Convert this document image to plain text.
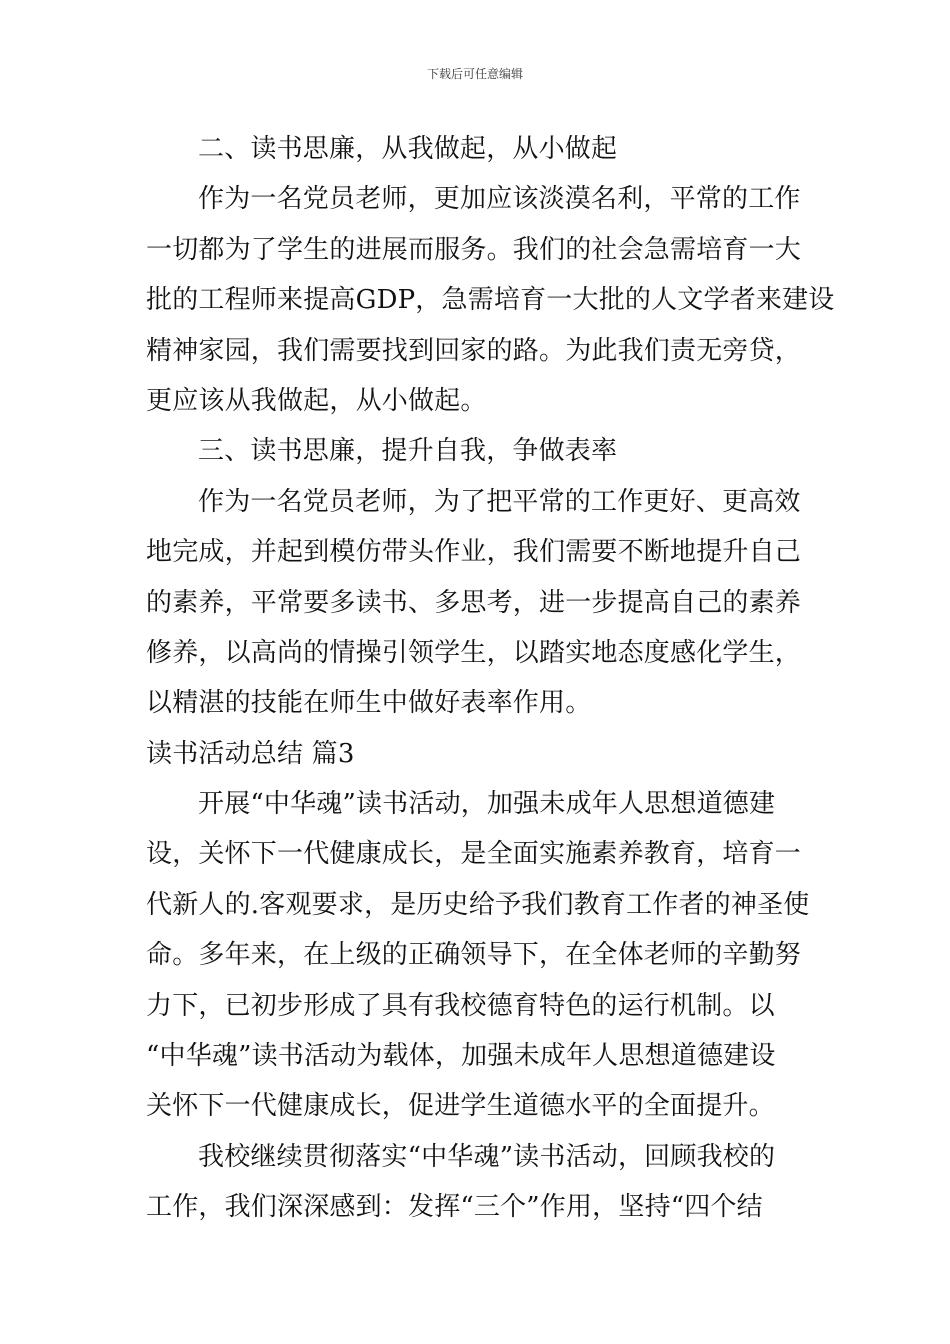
下载后可任意编辑
二、读书思廉，从我做起，从小做起
作为一名党员老师，更加应该淡漠名利，平常的工作
一切都为了学生的进展而服务。我们的社会急需培育一大
批的工程师来提高GDP，急需培育一大批的人文学者来建设
精神家园，我们需要找到回家的路。为此我们责无旁贷，
更应该从我做起，从小做起。
三、读书思廉，提升自我，争做表率
作为一名党员老师，为了把平常的工作更好、更高效
地完成，并起到模仿带头作业，我们需要不断地提升自己
的素养，平常要多读书、多思考，进一步提高自己的素养
修养，以高尚的情操引领学生，以踏实地态度感化学生，
以精湛的技能在师生中做好表率作用。
读书活动总结 篇3
开展“中华魂”读书活动，加强未成年人思想道德建
设，关怀下一代健康成长，是全面实施素养教育，培育一
代新人的.客观要求，是历史给予我们教育工作者的神圣使
命。多年来，在上级的正确领导下，在全体老师的辛勤努
力下，已初步形成了具有我校德育特色的运行机制。以
“中华魂”读书活动为载体，加强未成年人思想道德建设
关怀下一代健康成长，促进学生道德水平的全面提升。
我校继续贯彻落实“中华魂”读书活动，回顾我校的
工作，我们深深感到：发挥“三个”作用，坚持“四个结
